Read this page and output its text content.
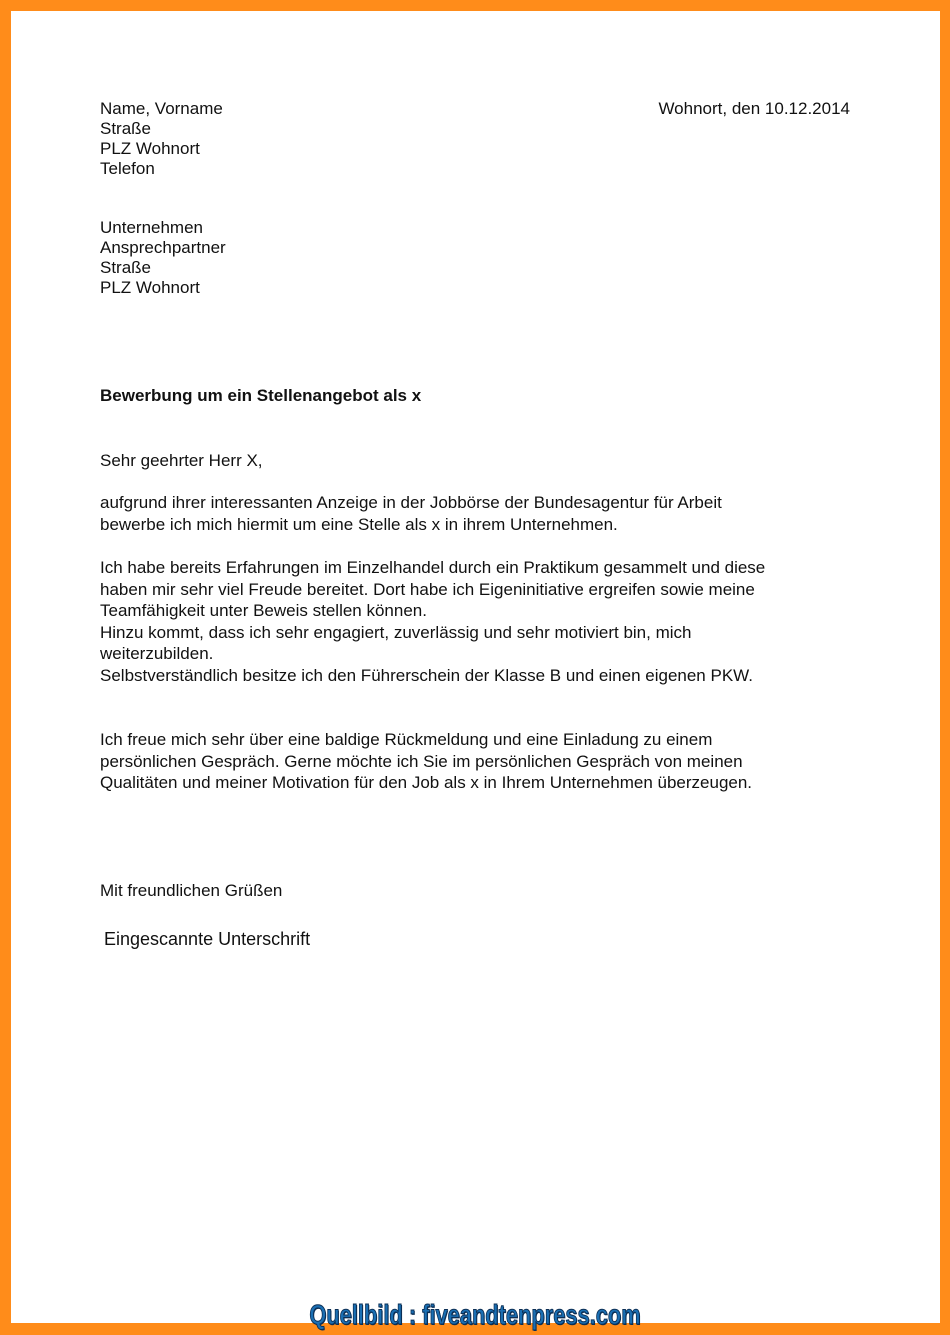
Name, Vorname
Straße
PLZ Wohnort
Telefon
Wohnort, den 10.12.2014
Unternehmen
Ansprechpartner
Straße
PLZ Wohnort
Bewerbung um ein Stellenangebot als x
Sehr geehrter Herr X,
aufgrund ihrer interessanten Anzeige in der Jobbörse der Bundesagentur für Arbeit
bewerbe ich mich hiermit um eine Stelle als x in ihrem Unternehmen.
Ich habe bereits Erfahrungen im Einzelhandel durch ein Praktikum gesammelt und diese
haben mir sehr viel Freude bereitet. Dort habe ich Eigeninitiative ergreifen sowie meine
Teamfähigkeit unter Beweis stellen können.
Hinzu kommt, dass ich sehr engagiert, zuverlässig und sehr motiviert bin, mich
weiterzubilden.
Selbstverständlich besitze ich den Führerschein der Klasse B und einen eigenen PKW.
Ich freue mich sehr über eine baldige Rückmeldung und eine Einladung zu einem
persönlichen Gespräch. Gerne möchte ich Sie im persönlichen Gespräch von meinen
Qualitäten und meiner Motivation für den Job als x in Ihrem Unternehmen überzeugen.
Mit freundlichen Grüßen
Eingescannte Unterschrift
Quellbild : fiveandtenpress.com
